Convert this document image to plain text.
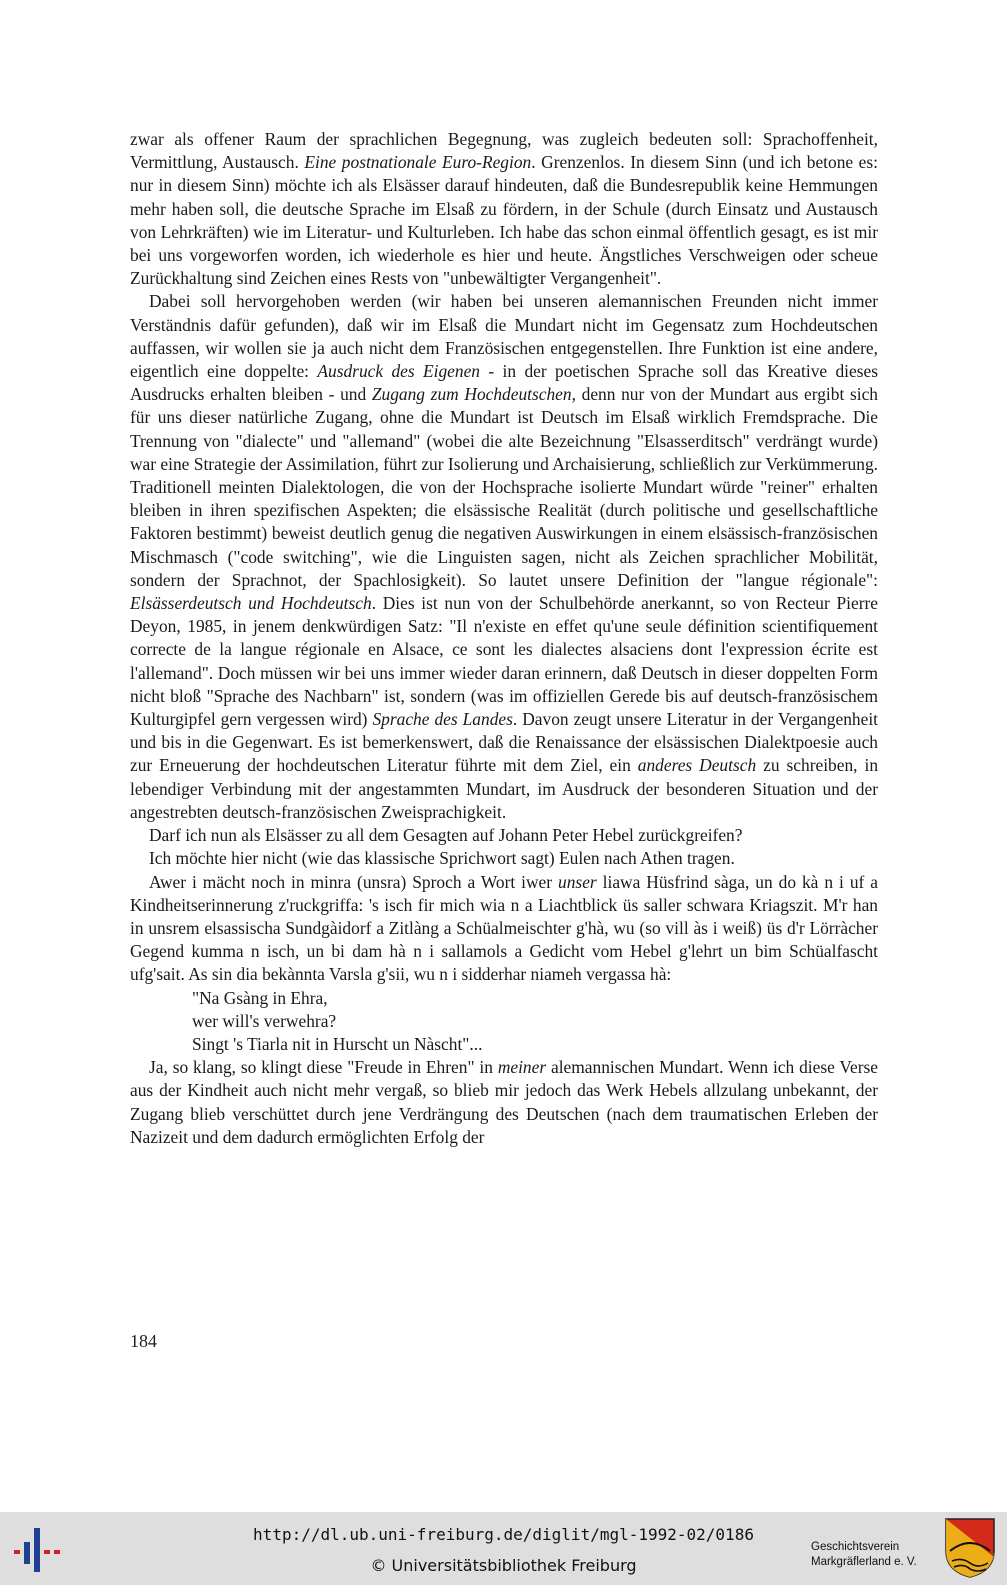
zwar als offener Raum der sprachlichen Begegnung, was zugleich bedeuten soll: Sprachoffenheit, Vermittlung, Austausch. Eine postnationale Euro-Region. Grenzenlos. In diesem Sinn (und ich betone es: nur in diesem Sinn) möchte ich als Elsässer darauf hindeuten, daß die Bundesrepublik keine Hemmungen mehr haben soll, die deutsche Sprache im Elsaß zu fördern, in der Schule (durch Einsatz und Austausch von Lehrkräften) wie im Literatur- und Kulturleben. Ich habe das schon einmal öffentlich gesagt, es ist mir bei uns vorgeworfen worden, ich wiederhole es hier und heute. Ängstliches Verschweigen oder scheue Zurückhaltung sind Zeichen eines Rests von "unbewältigter Vergangenheit".

Dabei soll hervorgehoben werden (wir haben bei unseren alemannischen Freunden nicht immer Verständnis dafür gefunden), daß wir im Elsaß die Mundart nicht im Gegensatz zum Hochdeutschen auffassen, wir wollen sie ja auch nicht dem Französischen entgegenstellen. Ihre Funktion ist eine andere, eigentlich eine doppelte: Ausdruck des Eigenen - in der poetischen Sprache soll das Kreative dieses Ausdrucks erhalten bleiben - und Zugang zum Hochdeutschen, denn nur von der Mundart aus ergibt sich für uns dieser natürliche Zugang, ohne die Mundart ist Deutsch im Elsaß wirklich Fremdsprache. Die Trennung von "dialecte" und "allemand" (wobei die alte Bezeichnung "Elsasserditsch" verdrängt wurde) war eine Strategie der Assimilation, führt zur Isolierung und Archaisierung, schließlich zur Verkümmerung. Traditionell meinten Dialektologen, die von der Hochsprache isolierte Mundart würde "reiner" erhalten bleiben in ihren spezifischen Aspekten; die elsässische Realität (durch politische und gesellschaftliche Faktoren bestimmt) beweist deutlich genug die negativen Auswirkungen in einem elsässisch-französischen Mischmasch ("code switching", wie die Linguisten sagen, nicht als Zeichen sprachlicher Mobilität, sondern der Sprachnot, der Spachlosigkeit). So lautet unsere Definition der "langue régionale": Elsässerdeutsch und Hochdeutsch. Dies ist nun von der Schulbehörde anerkannt, so von Recteur Pierre Deyon, 1985, in jenem denkwürdigen Satz: "Il n'existe en effet qu'une seule définition scientifiquement correcte de la langue régionale en Alsace, ce sont les dialectes alsaciens dont l'expression écrite est l'allemand". Doch müssen wir bei uns immer wieder daran erinnern, daß Deutsch in dieser doppelten Form nicht bloß "Sprache des Nachbarn" ist, sondern (was im offiziellen Gerede bis auf deutsch-französischem Kulturgipfel gern vergessen wird) Sprache des Landes. Davon zeugt unsere Literatur in der Vergangenheit und bis in die Gegenwart. Es ist bemerkenswert, daß die Renaissance der elsässischen Dialektpoesie auch zur Erneuerung der hochdeutschen Literatur führte mit dem Ziel, ein anderes Deutsch zu schreiben, in lebendiger Verbindung mit der angestammten Mundart, im Ausdruck der besonderen Situation und der angestrebten deutsch-französischen Zweisprachigkeit.

Darf ich nun als Elsässer zu all dem Gesagten auf Johann Peter Hebel zurückgreifen?

Ich möchte hier nicht (wie das klassische Sprichwort sagt) Eulen nach Athen tragen.

Awer i mächt noch in minra (unsra) Sproch a Wort iwer unser liawa Hüsfrind sàga, un do kà n i uf a Kindheitserinnerung z'ruckgriffa: 's isch fir mich wia n a Liachtblick üs saller schwara Kriagszit. M'r han in unsrem elsassischa Sundgàidorf a Zitlàng a Schüalmeischter g'hà, wu (so vill às i weiß) üs d'r Lörràcher Gegend kumma n isch, un bi dam hà n i sallamols a Gedicht vom Hebel g'lehrt un bim Schüalfascht ufg'sait. As sin dia bekànnta Varsla g'sii, wu n i sidderhar niameh vergassa hà:

"Na Gsàng in Ehra,
wer will's verwehra?
Singt 's Tiarla nit in Hurscht un Nàscht"...

Ja, so klang, so klingt diese "Freude in Ehren" in meiner alemannischen Mundart. Wenn ich diese Verse aus der Kindheit auch nicht mehr vergaß, so blieb mir jedoch das Werk Hebels allzulang unbekannt, der Zugang blieb verschüttet durch jene Verdrängung des Deutschen (nach dem traumatischen Erleben der Nazizeit und dem dadurch ermöglichten Erfolg der

184
http://dl.ub.uni-freiburg.de/diglit/mgl-1992-02/0186
© Universitätsbibliothek Freiburg
Geschichtsverein
Markgräflerland e. V.
